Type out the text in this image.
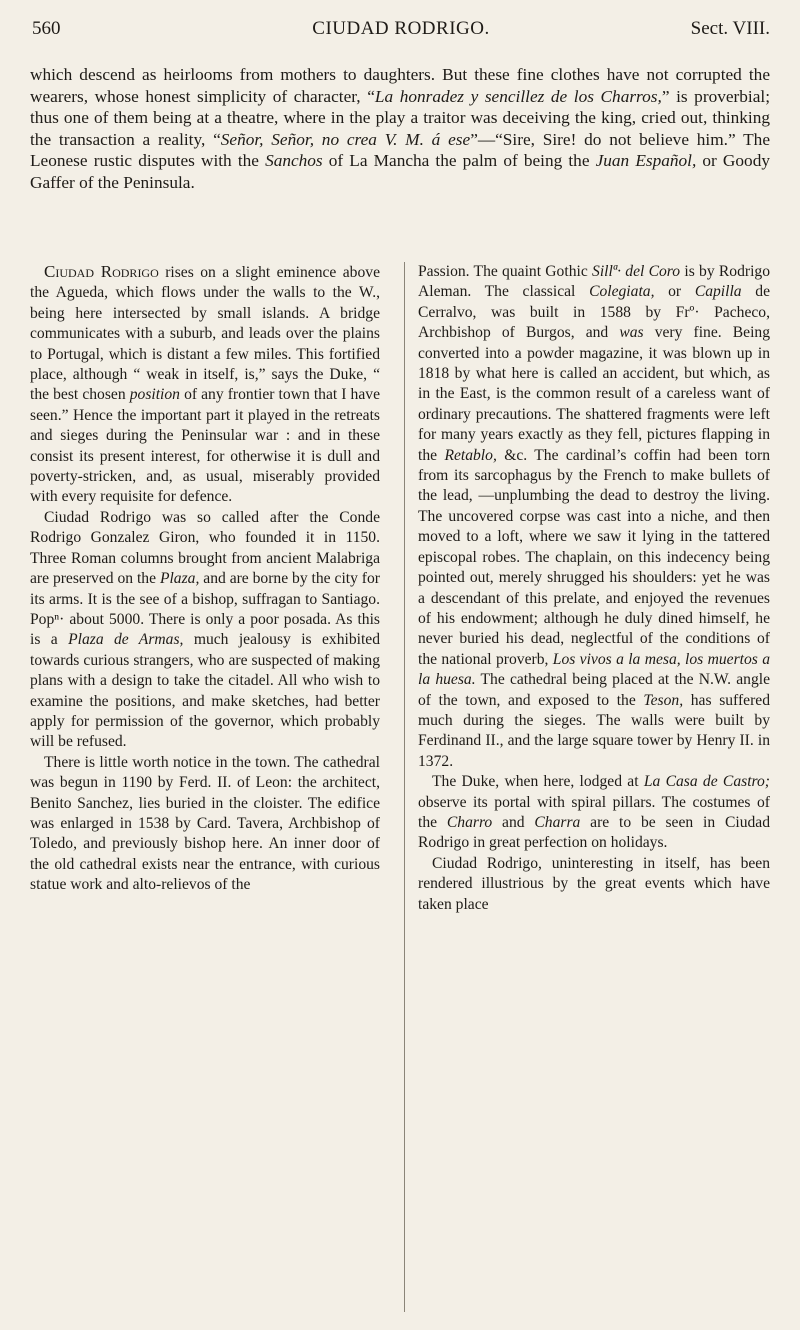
560	CIUDAD RODRIGO.	Sect. VIII.

which descend as heirlooms from mothers to daughters. But these fine clothes have not corrupted the wearers, whose honest simplicity of character, “La honradez y sencillez de los Charros,” is proverbial; thus one of them being at a theatre, where in the play a traitor was deceiving the king, cried out, thinking the transaction a reality, “Señor, Señor, no crea V. M. á ese”—“Sire, Sire! do not believe him.” The Leonese rustic disputes with the Sanchos of La Mancha the palm of being the Juan Español, or Goody Gaffer of the Peninsula.

Ciudad Rodrigo rises on a slight eminence above the Agueda, which flows under the walls to the W., being here intersected by small islands. A bridge communicates with a suburb, and leads over the plains to Portugal, which is distant a few miles. This fortified place, although “ weak in itself, is,” says the Duke, “ the best chosen position of any frontier town that I have seen.” Hence the important part it played in the retreats and sieges during the Peninsular war : and in these consist its present interest, for otherwise it is dull and poverty-stricken, and, as usual, miserably provided with every requisite for defence.

Ciudad Rodrigo was so called after the Conde Rodrigo Gonzalez Giron, who founded it in 1150. Three Roman columns brought from ancient Malabriga are preserved on the Plaza, and are borne by the city for its arms. It is the see of a bishop, suffragan to Santiago. Popⁿ· about 5000. There is only a poor posada. As this is a Plaza de Armas, much jealousy is exhibited towards curious strangers, who are suspected of making plans with a design to take the citadel. All who wish to examine the positions, and make sketches, had better apply for permission of the governor, which probably will be refused.

There is little worth notice in the town. The cathedral was begun in 1190 by Ferd. II. of Leon: the architect, Benito Sanchez, lies buried in the cloister. The edifice was enlarged in 1538 by Card. Tavera, Archbishop of Toledo, and previously bishop here. An inner door of the old cathedral exists near the entrance, with curious statue work and alto-relievos of the

Passion. The quaint Gothic Sillª· del Coro is by Rodrigo Aleman. The classical Colegiata, or Capilla de Cerralvo, was built in 1588 by Frº· Pacheco, Archbishop of Burgos, and was very fine. Being converted into a powder magazine, it was blown up in 1818 by what here is called an accident, but which, as in the East, is the common result of a careless want of ordinary precautions. The shattered fragments were left for many years exactly as they fell, pictures flapping in the Retablo, &c. The cardinal’s coffin had been torn from its sarcophagus by the French to make bullets of the lead, —unplumbing the dead to destroy the living. The uncovered corpse was cast into a niche, and then moved to a loft, where we saw it lying in the tattered episcopal robes. The chaplain, on this indecency being pointed out, merely shrugged his shoulders: yet he was a descendant of this prelate, and enjoyed the revenues of his endowment; although he duly dined himself, he never buried his dead, neglectful of the conditions of the national proverb, Los vivos a la mesa, los muertos a la huesa. The cathedral being placed at the N.W. angle of the town, and exposed to the Teson, has suffered much during the sieges. The walls were built by Ferdinand II., and the large square tower by Henry II. in 1372.

The Duke, when here, lodged at La Casa de Castro; observe its portal with spiral pillars. The costumes of the Charro and Charra are to be seen in Ciudad Rodrigo in great perfection on holidays.

Ciudad Rodrigo, uninteresting in itself, has been rendered illustrious by the great events which have taken place
